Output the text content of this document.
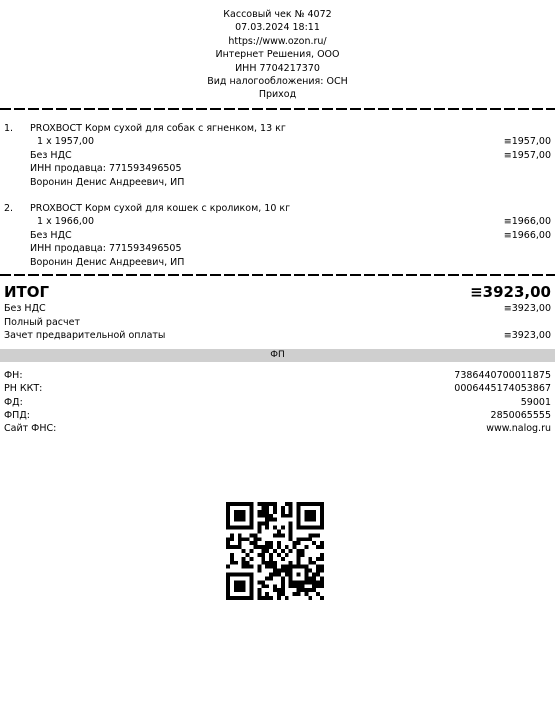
Кассовый чек № 4072
07.03.2024 18:11
https://www.ozon.ru/
Интернет Решения, ООО
ИНН 7704217370
Вид налогообложения: ОСН
Приход
1. PROXBOCT Корм сухой для собак с ягненком, 13 кг
1 x 1957,00	≡1957,00
Без НДС	≡1957,00
ИНН продавца: 771593496505
Воронин Денис Андреевич, ИП
2. PROXBOCT Корм сухой для кошек с кроликом, 10 кг
1 x 1966,00	≡1966,00
Без НДС	≡1966,00
ИНН продавца: 771593496505
Воронин Денис Андреевич, ИП
ИТОГ	≡3923,00
Без НДС	≡3923,00
Полный расчет
Зачет предварительной оплаты	≡3923,00
ФП
ФН:	7386440700011875
РН ККТ:	0006445174053867
ФД:	59001
ФПД:	2850065555
Сайт ФНС:	www.nalog.ru
